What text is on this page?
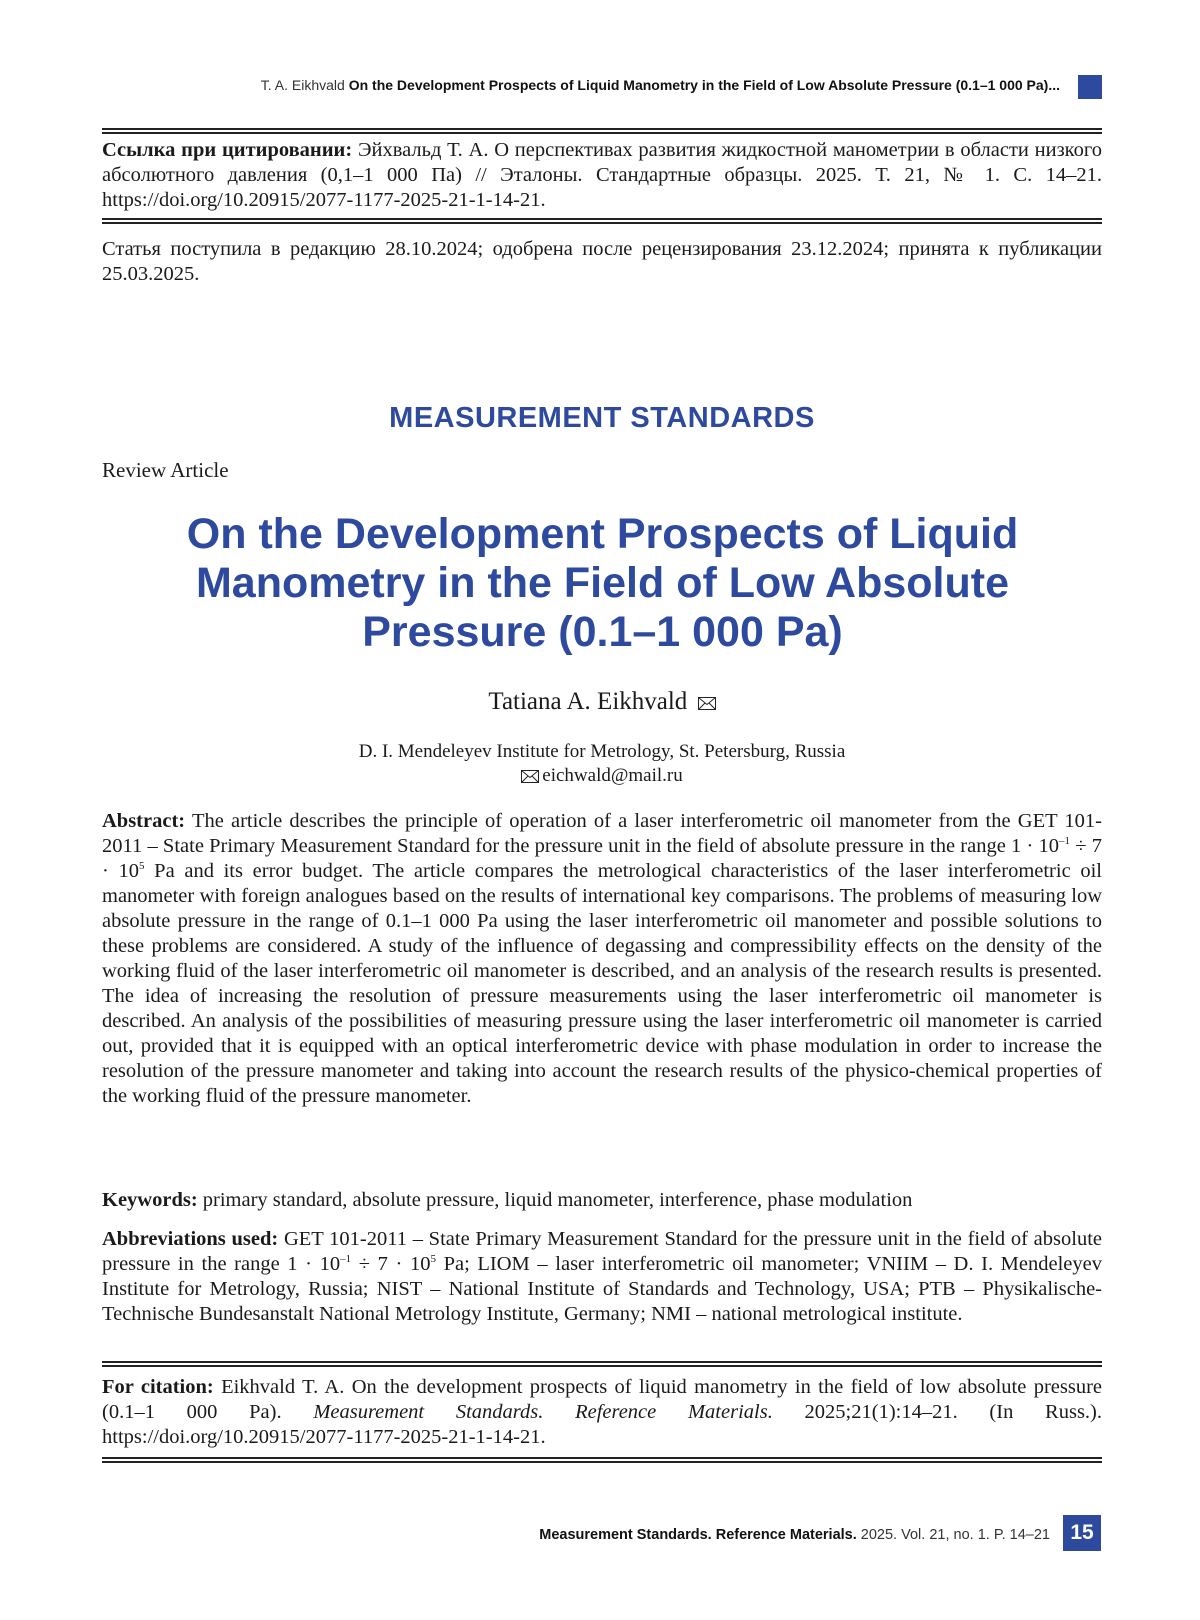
T. A. Eikhvald On the Development Prospects of Liquid Manometry in the Field of Low Absolute Pressure (0.1–1 000 Pa)...
Ссылка при цитировании: Эйхвальд Т. А. О перспективах развития жидкостной манометрии в области низкого абсолютного давления (0,1–1 000 Па) // Эталоны. Стандартные образцы. 2025. Т. 21, № 1. С. 14–21. https://doi.org/10.20915/2077-1177-2025-21-1-14-21.
Статья поступила в редакцию 28.10.2024; одобрена после рецензирования 23.12.2024; принята к публикации 25.03.2025.
MEASUREMENT STANDARDS
Review Article
On the Development Prospects of Liquid Manometry in the Field of Low Absolute Pressure (0.1–1 000 Pa)
Tatiana A. Eikhvald
D. I. Mendeleyev Institute for Metrology, St. Petersburg, Russia
eichwald@mail.ru
Abstract: The article describes the principle of operation of a laser interferometric oil manometer from the GET 101-2011 – State Primary Measurement Standard for the pressure unit in the field of absolute pressure in the range $1 \cdot 10^{-1} \div 7 \cdot 10^5$ Pa and its error budget. The article compares the metrological characteristics of the laser interferometric oil manometer with foreign analogues based on the results of international key comparisons. The problems of measuring low absolute pressure in the range of 0.1–1 000 Pa using the laser interferometric oil manometer and possible solutions to these problems are considered. A study of the influence of degassing and compressibility effects on the density of the working fluid of the laser interferometric oil manometer is described, and an analysis of the research results is presented. The idea of increasing the resolution of pressure measurements using the laser interferometric oil manometer is described. An analysis of the possibilities of measuring pressure using the laser interferometric oil manometer is carried out, provided that it is equipped with an optical interferometric device with phase modulation in order to increase the resolution of the pressure manometer and taking into account the research results of the physico-chemical properties of the working fluid of the pressure manometer.
Keywords: primary standard, absolute pressure, liquid manometer, interference, phase modulation
Abbreviations used: GET 101-2011 – State Primary Measurement Standard for the pressure unit in the field of absolute pressure in the range $1 \cdot 10^{-1} \div 7 \cdot 10^5$ Pa; LIOM – laser interferometric oil manometer; VNIIM – D. I. Mendeleyev Institute for Metrology, Russia; NIST – National Institute of Standards and Technology, USA; PTB – Physikalische-Technische Bundesanstalt National Metrology Institute, Germany; NMI – national metrological institute.
For citation: Eikhvald T. A. On the development prospects of liquid manometry in the field of low absolute pressure (0.1–1 000 Pa). Measurement Standards. Reference Materials. 2025;21(1):14–21. (In Russ.). https://doi.org/10.20915/2077-1177-2025-21-1-14-21.
Measurement Standards. Reference Materials. 2025. Vol. 21, no. 1. P. 14–21 15
